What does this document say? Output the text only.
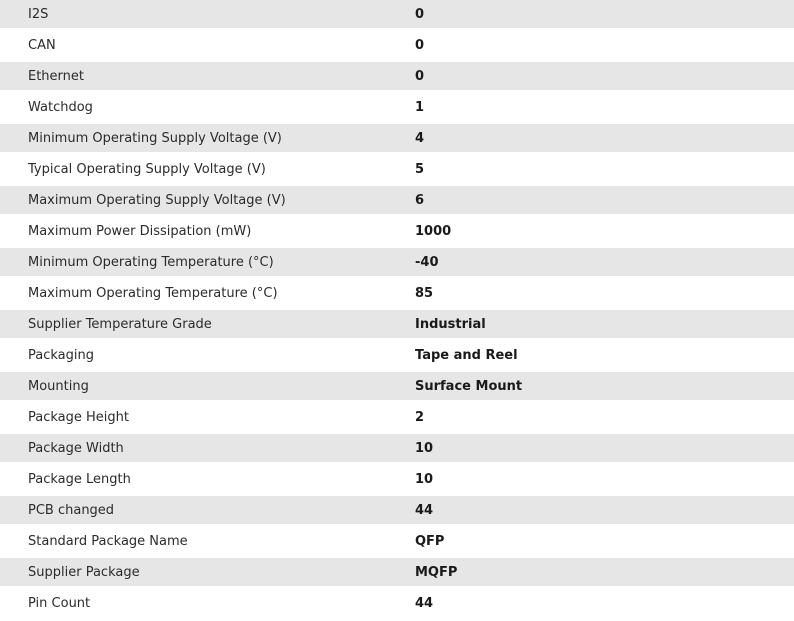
I2S	0
CAN	0
Ethernet	0
Watchdog	1
Minimum Operating Supply Voltage (V)	4
Typical Operating Supply Voltage (V)	5
Maximum Operating Supply Voltage (V)	6
Maximum Power Dissipation (mW)	1000
Minimum Operating Temperature (°C)	-40
Maximum Operating Temperature (°C)	85
Supplier Temperature Grade	Industrial
Packaging	Tape and Reel
Mounting	Surface Mount
Package Height	2
Package Width	10
Package Length	10
PCB changed	44
Standard Package Name	QFP
Supplier Package	MQFP
Pin Count	44
